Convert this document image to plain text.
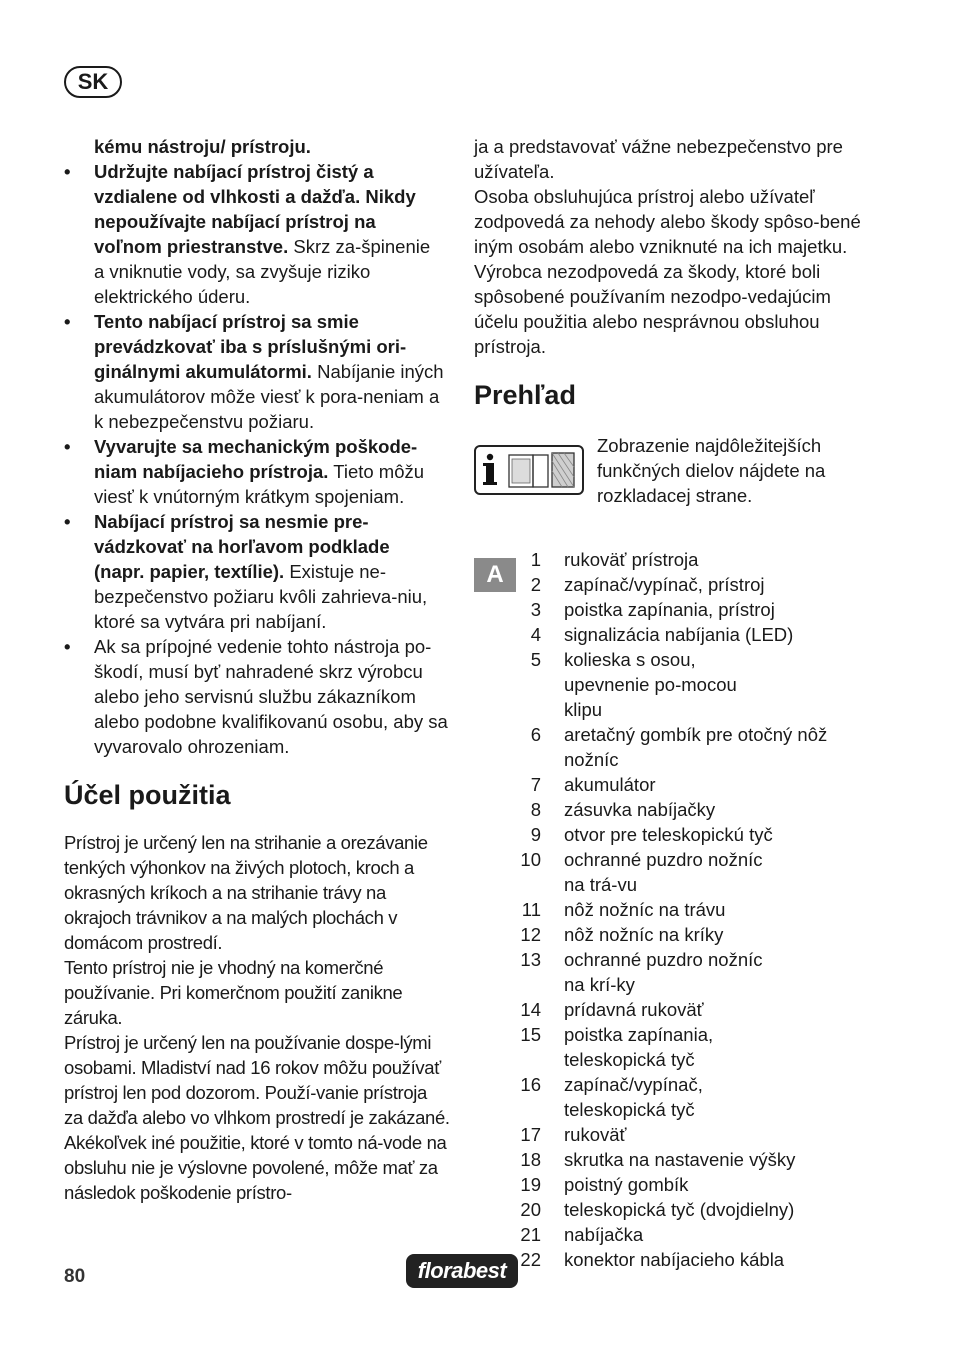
SK
kému nástroju/ prístroju.
• Udržujte nabíjací prístroj čistý a vzdialene od vlhkosti a dažďa. Nikdy nepoužívajte nabíjací prístroj na voľnom priestranstve. Skrz za-špinenie a vniknutie vody, sa zvyšuje riziko elektrického úderu.
• Tento nabíjací prístroj sa smie prevádzkovať iba s príslušnými ori-ginálnymi akumulátormi. Nabíjanie iných akumulátorov môže viesť k pora-neniam a k nebezpečenstvu požiaru.
• Vyvarujte sa mechanickým poškode-niam nabíjacieho prístroja. Tieto môžu viesť k vnútorným krátkym spojeniam.
• Nabíjací prístroj sa nesmie pre-vádzkovať na horľavom podklade (napr. papier, textílie). Existuje ne-bezpečenstvo požiaru kvôli zahrieva-niu, ktoré sa vytvára pri nabíjaní.
• Ak sa prípojné vedenie tohto nástroja po-škodí, musí byť nahradené skrz výrobcu alebo jeho servisnú službu zákazníkom alebo podobne kvalifikovanú osobu, aby sa vyvarovalo ohrozeniam.
Účel použitia
Prístroj je určený len na strihanie a orezávanie tenkých výhonkov na živých plotoch, kroch a okrasných kríkoch a na strihanie trávy na okrajoch trávnikov a na malých plochách v domácom prostredí.
Tento prístroj nie je vhodný na komerčné používanie. Pri komerčnom použití zanikne záruka.
Prístroj je určený len na používanie dospe-lými osobami. Mladiství nad 16 rokov môžu používať prístroj len pod dozorom. Použí-vanie prístroja za dažďa alebo vo vlhkom prostredí je zakázané.
Akékoľvek iné použitie, ktoré v tomto ná-vode na obsluhu nie je výslovne povolené, môže mať za následok poškodenie prístro-
ja a predstavovať vážne nebezpečenstvo pre užívateľa.
Osoba obsluhujúca prístroj alebo užívateľ zodpovedá za nehody alebo škody spôso-bené iným osobám alebo vzniknuté na ich majetku. Výrobca nezodpovedá za škody, ktoré boli spôsobené používaním nezodpo-vedajúcim účelu použitia alebo nesprávnou obsluhou prístroja.
Prehľad
Zobrazenie najdôležitejších funkčných dielov nájdete na rozkladacej strane.
A
1 rukoväť prístroja
2 zapínač/vypínač, prístroj
3 poistka zapínania, prístroj
4 signalizácia nabíjania (LED)
5 kolieska s osou, upevnenie po-mocou klipu
6 aretačný gombík pre otočný nôž nožníc
7 akumulátor
8 zásuvka nabíjačky
9 otvor pre teleskopickú tyč
10 ochranné puzdro nožníc na trá-vu
11 nôž nožníc na trávu
12 nôž nožníc na kríky
13 ochranné puzdro nožníc na krí-ky
14 prídavná rukoväť
15 poistka zapínania, teleskopická tyč
16 zapínač/vypínač, teleskopická tyč
17 rukoväť
18 skrutka na nastavenie výšky
19 poistný gombík
20 teleskopická tyč (dvojdielny)
21 nabíjačka
22 konektor nabíjacieho kábla
80	florabest
